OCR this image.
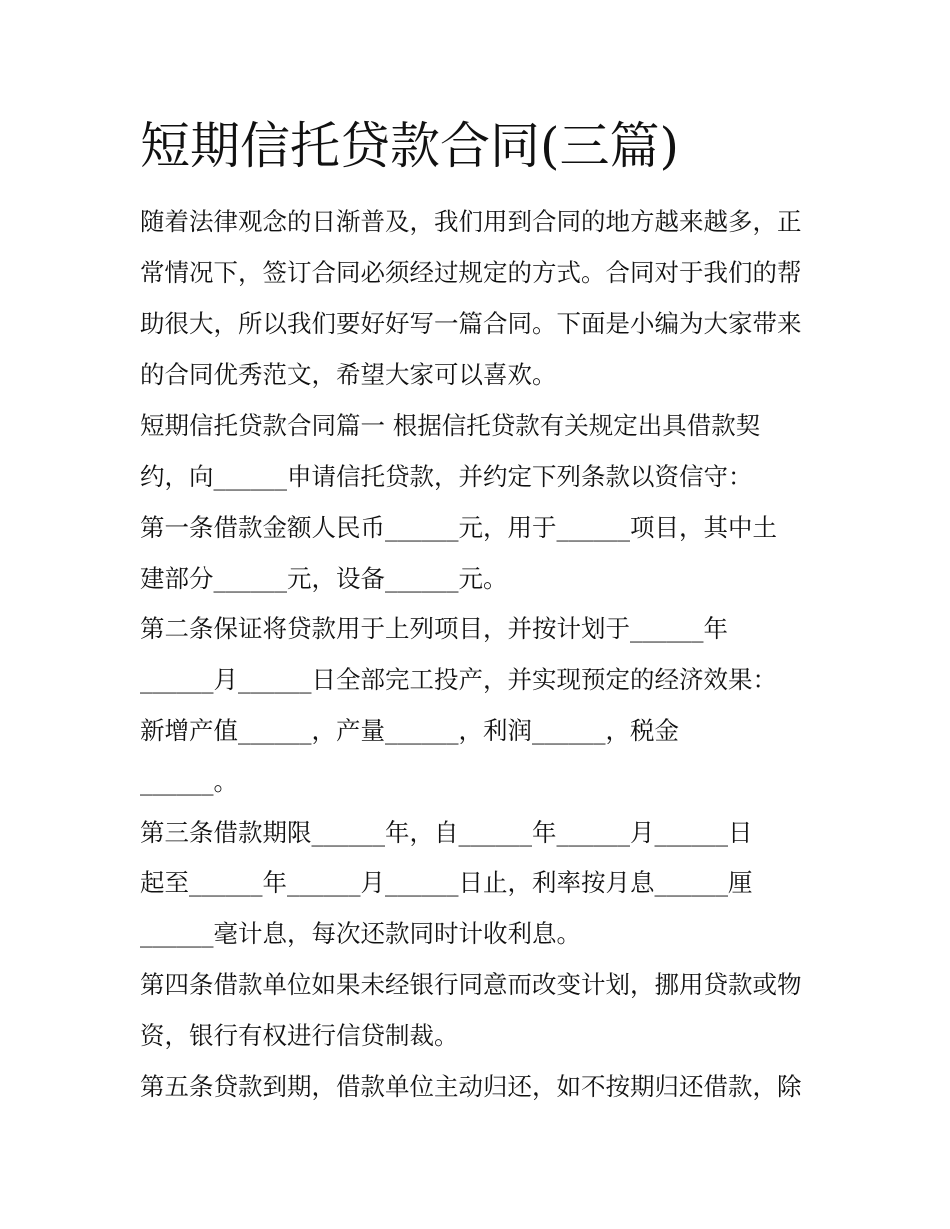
短期信托贷款合同(三篇)

随着法律观念的日渐普及，我们用到合同的地方越来越多，正

常情况下，签订合同必须经过规定的方式。合同对于我们的帮

助很大，所以我们要好好写一篇合同。下面是小编为大家带来

的合同优秀范文，希望大家可以喜欢。

短期信托贷款合同篇一 根据信托贷款有关规定出具借款契

约，向______申请信托贷款，并约定下列条款以资信守：

第一条借款金额人民币______元，用于______项目，其中土

建部分______元，设备______元。

第二条保证将贷款用于上列项目，并按计划于______年

______月______日全部完工投产，并实现预定的经济效果：

新增产值______，产量______，利润______，税金

______。

第三条借款期限______年，自______年______月______日

起至______年______月______日止，利率按月息______厘

______毫计息，每次还款同时计收利息。

第四条借款单位如果未经银行同意而改变计划，挪用贷款或物

资，银行有权进行信贷制裁。

第五条贷款到期，借款单位主动归还，如不按期归还借款，除
